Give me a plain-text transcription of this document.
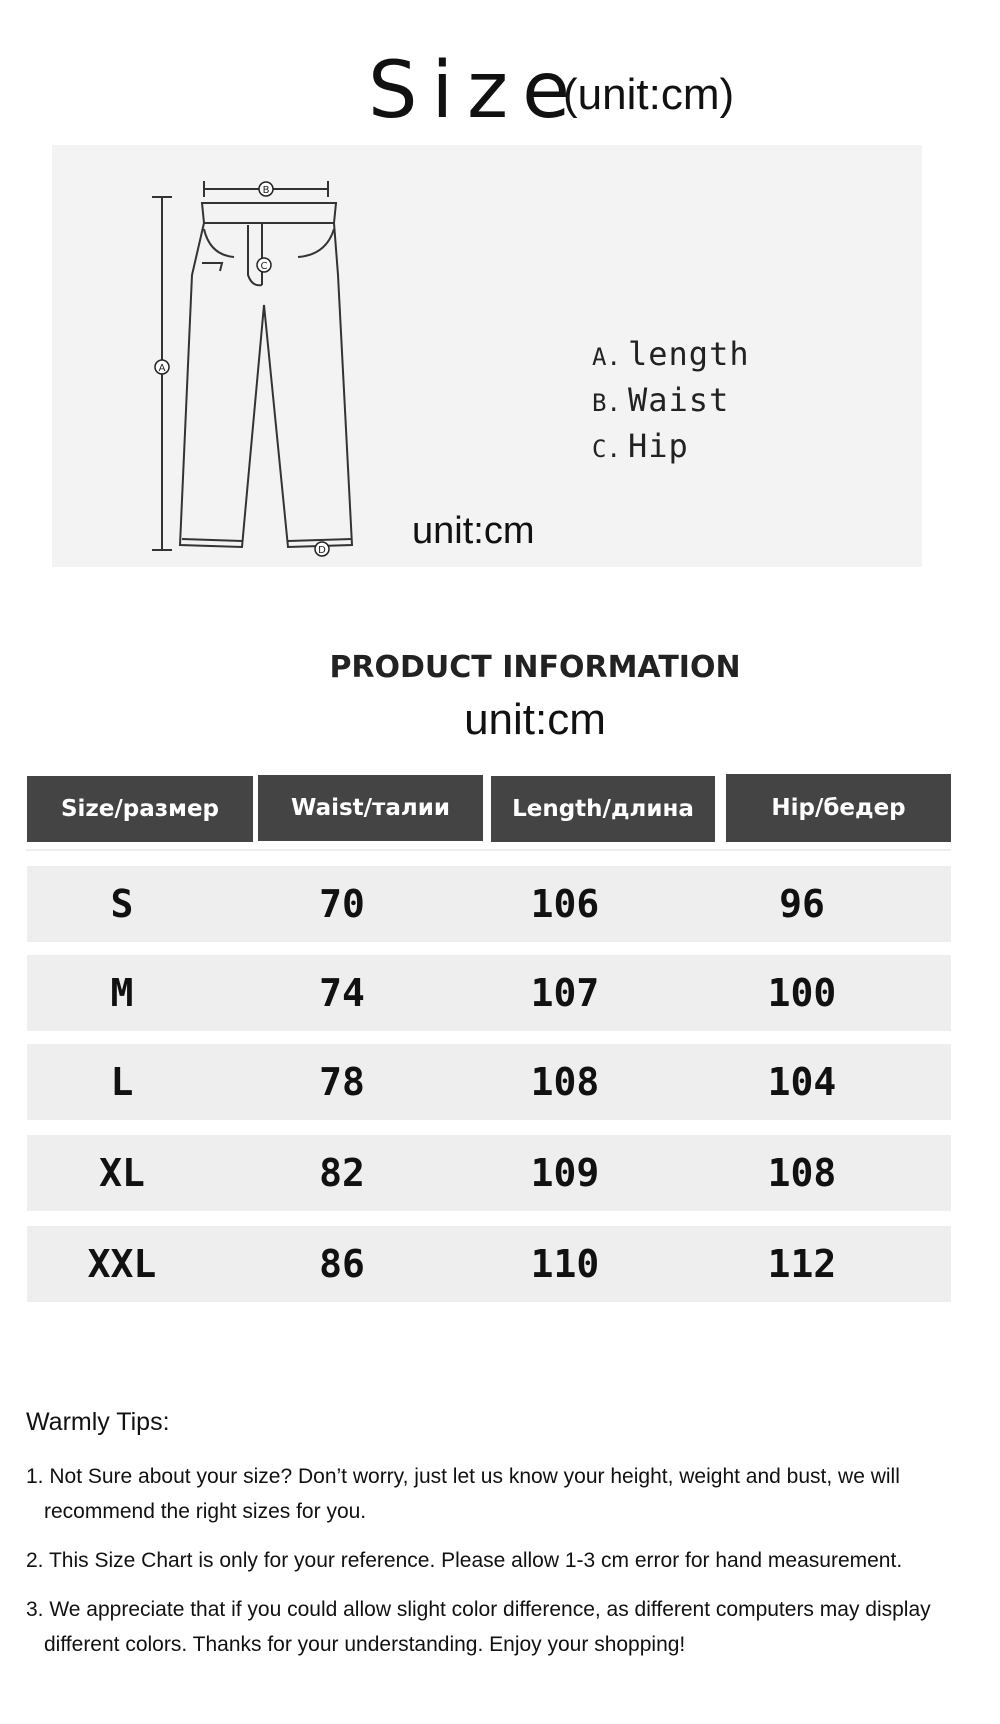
Size
(unit:cm)
B
C
A
D
A. length
B. Waist
C. Hip
unit:cm
PRODUCT INFORMATION
unit:cm
Size/размер	Waist/талии	Length/длина	Hip/бедер
S	70	106	96
M	74	107	100
L	78	108	104
XL	82	109	108
XXL	86	110	112
Warmly Tips:
1. Not Sure about your size? Don’t worry, just let us know your height, weight and bust, we will recommend the right sizes for you.
2. This Size Chart is only for your reference. Please allow 1-3 cm error for hand measurement.
3. We appreciate that if you could allow slight color difference, as different computers may display different colors. Thanks for your understanding. Enjoy your shopping!
